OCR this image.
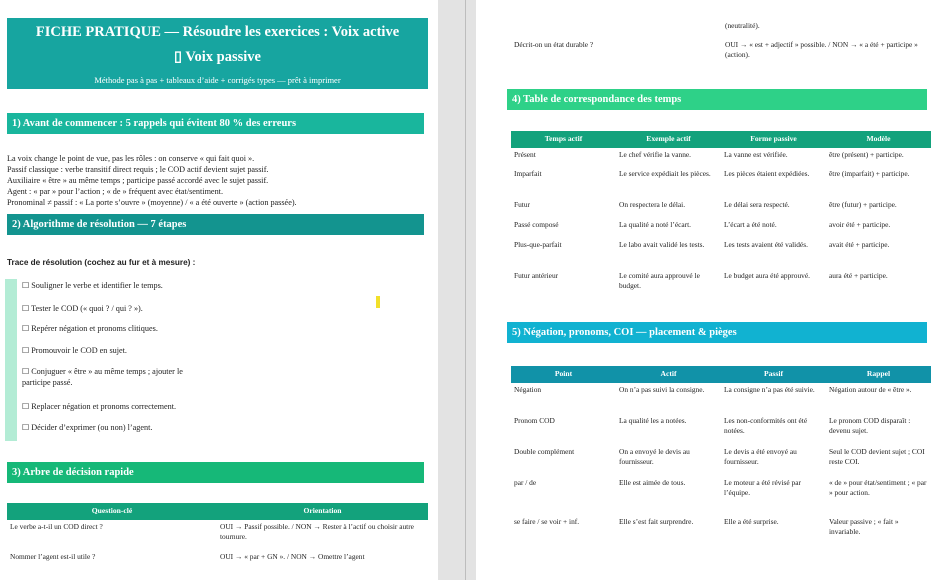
FICHE PRATIQUE — Résoudre les exercices : Voix active
▯ Voix passive
Méthode pas à pas + tableaux d’aide + corrigés types — prêt à imprimer
1) Avant de commencer : 5 rappels qui évitent 80 % des erreurs
La voix change le point de vue, pas les rôles : on conserve « qui fait quoi ».
Passif classique : verbe transitif direct requis ; le COD actif devient sujet passif.
Auxiliaire « être » au même temps ; participe passé accordé avec le sujet passif.
Agent : « par » pour l’action ; « de » fréquent avec état/sentiment.
Pronominal ≠ passif : « La porte s’ouvre » (moyenne) / « a été ouverte » (action passée).
2) Algorithme de résolution — 7 étapes
Trace de résolution (cochez au fur et à mesure) :
☐ Souligner le verbe et identifier le temps.
☐ Tester le COD (« quoi ? / qui ? »).
☐ Repérer négation et pronoms clitiques.
☐ Promouvoir le COD en sujet.
☐ Conjuguer « être » au même temps ; ajouter le
participe passé.
☐ Replacer négation et pronoms correctement.
☐ Décider d’exprimer (ou non) l’agent.
3) Arbre de décision rapide
Question-clé	Orientation
Le verbe a-t-il un COD direct ?	OUI → Passif possible. / NON → Rester à l’actif ou choisir autre tournure.
Nommer l’agent est-il utile ?	OUI → « par + GN ». / NON → Omettre l’agent
(neutralité).
Décrit-on un état durable ?	OUI → « est + adjectif » possible. / NON → « a été + participe » (action).
4) Table de correspondance des temps
Temps actif	Exemple actif	Forme passive	Modèle
Présent	Le chef vérifie la vanne.	La vanne est vérifiée.	être (présent) + participe.
Imparfait	Le service expédiait les pièces.	Les pièces étaient expédiées.	être (imparfait) + participe.
Futur	On respectera le délai.	Le délai sera respecté.	être (futur) + participe.
Passé composé	La qualité a noté l’écart.	L’écart a été noté.	avoir été + participe.
Plus-que-parfait	Le labo avait validé les tests.	Les tests avaient été validés.	avait été + participe.
Futur antérieur	Le comité aura approuvé le budget.	Le budget aura été approuvé.	aura été + participe.
5) Négation, pronoms, COI — placement & pièges
Point	Actif	Passif	Rappel
Négation	On n’a pas suivi la consigne.	La consigne n’a pas été suivie.	Négation autour de « être ».
Pronom COD	La qualité les a notées.	Les non-conformités ont été notées.	Le pronom COD disparaît : devenu sujet.
Double complément	On a envoyé le devis au fournisseur.	Le devis a été envoyé au fournisseur.	Seul le COD devient sujet ; COI reste COI.
par / de	Elle est aimée de tous.	Le moteur a été révisé par l’équipe.	« de » pour état/sentiment ; « par » pour action.
se faire / se voir + inf.	Elle s’est fait surprendre.	Elle a été surprise.	Valeur passive ; « fait » invariable.
